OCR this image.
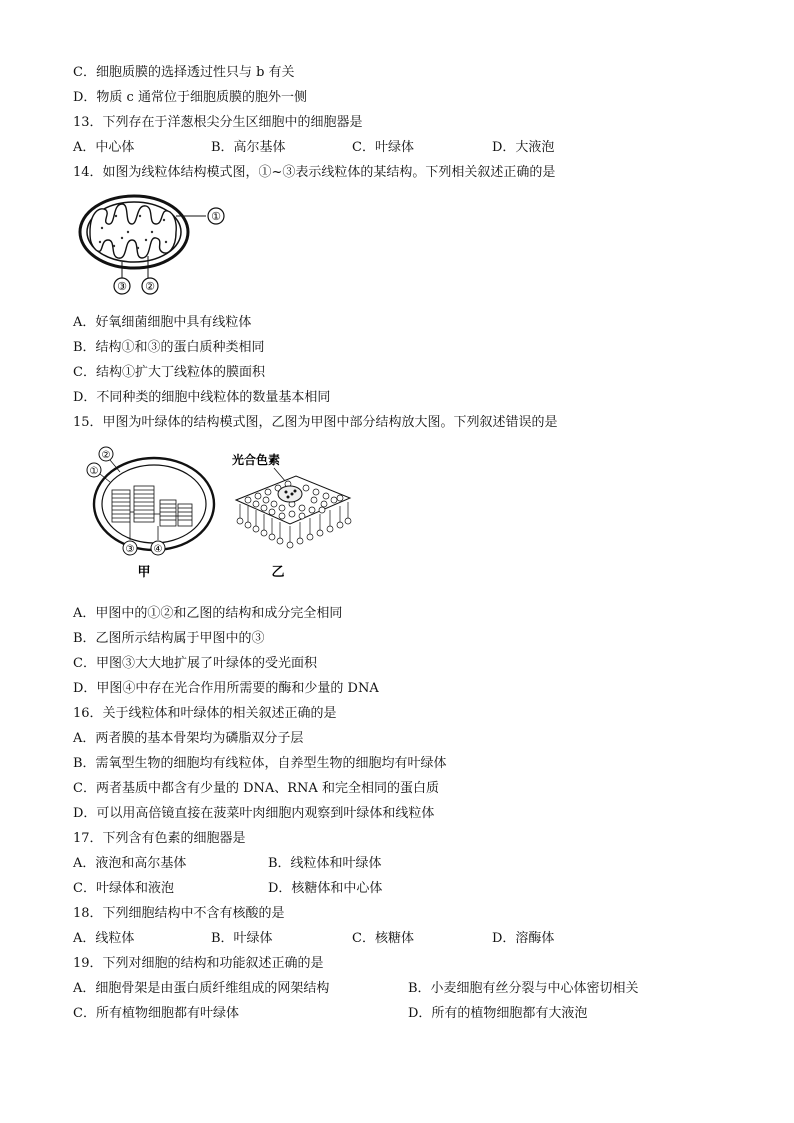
C．细胞质膜的选择透过性只与 b 有关
D．物质 c 通常位于细胞质膜的胞外一侧
13．下列存在于洋葱根尖分生区细胞中的细胞器是
A．中心体	B．高尔基体	C．叶绿体	D．大液泡
14．如图为线粒体结构模式图，①~③表示线粒体的某结构。下列相关叙述正确的是
①
③ ②
A．好氧细菌细胞中具有线粒体
B．结构①和③的蛋白质种类相同
C．结构①扩大丁线粒体的膜面积
D．不同种类的细胞中线粒体的数量基本相同
15．甲图为叶绿体的结构模式图，乙图为甲图中部分结构放大图。下列叙述错误的是
②
①
③ ④
甲
光合色素
乙
A．甲图中的①②和乙图的结构和成分完全相同
B．乙图所示结构属于甲图中的③
C．甲图③大大地扩展了叶绿体的受光面积
D．甲图④中存在光合作用所需要的酶和少量的 DNA
16．关于线粒体和叶绿体的相关叙述正确的是
A．两者膜的基本骨架均为磷脂双分子层
B．需氧型生物的细胞均有线粒体，自养型生物的细胞均有叶绿体
C．两者基质中都含有少量的 DNA、RNA 和完全相同的蛋白质
D．可以用高倍镜直接在菠菜叶肉细胞内观察到叶绿体和线粒体
17．下列含有色素的细胞器是
A．液泡和高尔基体	B．线粒体和叶绿体
C．叶绿体和液泡	D．核糖体和中心体
18．下列细胞结构中不含有核酸的是
A．线粒体	B．叶绿体	C．核糖体	D．溶酶体
19．下列对细胞的结构和功能叙述正确的是
A．细胞骨架是由蛋白质纤维组成的网架结构	B．小麦细胞有丝分裂与中心体密切相关
C．所有植物细胞都有叶绿体	D．所有的植物细胞都有大液泡
